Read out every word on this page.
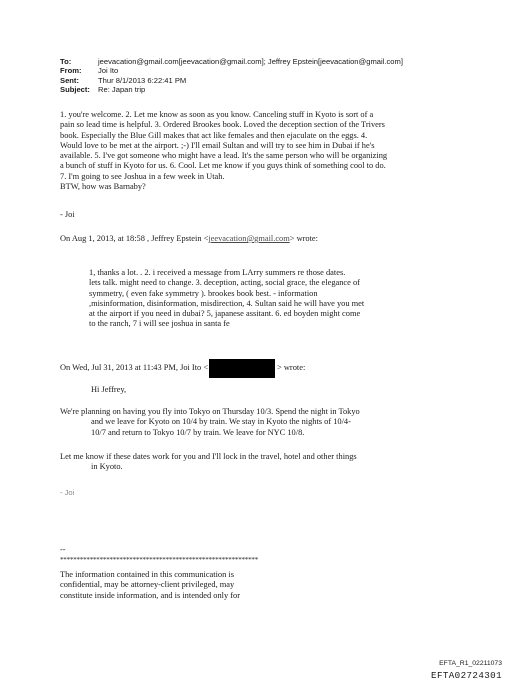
To:	jeevacation@gmail.com[jeevacation@gmail.com]; Jeffrey Epstein[jeevacation@gmail.com]
From:	Joi Ito
Sent:	Thur 8/1/2013 6:22:41 PM
Subject:	Re: Japan trip
1. you're welcome. 2. Let me know as soon as you know. Canceling stuff in Kyoto is sort of a
pain so lead time is helpful. 3. Ordered Brookes book. Loved the deception section of the Trivers
book. Especially the Blue Gill makes that act like females and then ejaculate on the eggs. 4.
Would love to be met at the airport. ;-) I'll email Sultan and will try to see him in Dubai if he's
available. 5. I've got someone who might have a lead. It's the same person who will be organizing
a bunch of stuff in Kyoto for us. 6. Cool. Let me know if you guys think of something cool to do.
7. I'm going to see Joshua in a few week in Utah.
BTW, how was Barnaby?
- Joi
On Aug 1, 2013, at 18:58 , Jeffrey Epstein <jeevacation@gmail.com> wrote:
1, thanks a lot. . 2. i received a message from LArry summers re those dates.
lets talk. might need to change. 3. deception, acting, social grace, the elegance of
symmetry, ( even fake symmetry ). brookes book best. - information
,misinformation, disinformation, misdirection, 4. Sultan said he will have you met
at the airport if you need in dubai? 5, japanese assitant. 6. ed boyden might come
to the ranch, 7 i will see joshua in santa fe
On Wed, Jul 31, 2013 at 11:43 PM, Joi Ito <	> wrote:
Hi Jeffrey,
We're planning on having you fly into Tokyo on Thursday 10/3. Spend the night in Tokyo
and we leave for Kyoto on 10/4 by train. We stay in Kyoto the nights of 10/4-
10/7 and return to Tokyo 10/7 by train. We leave for NYC 10/8.
Let me know if these dates work for you and I'll lock in the travel, hotel and other things
in Kyoto.
- Joi
--
************************************************************
The information contained in this communication is
confidential, may be attorney-client privileged, may
constitute inside information, and is intended only for
EFTA_R1_02211073
EFTA02724301
